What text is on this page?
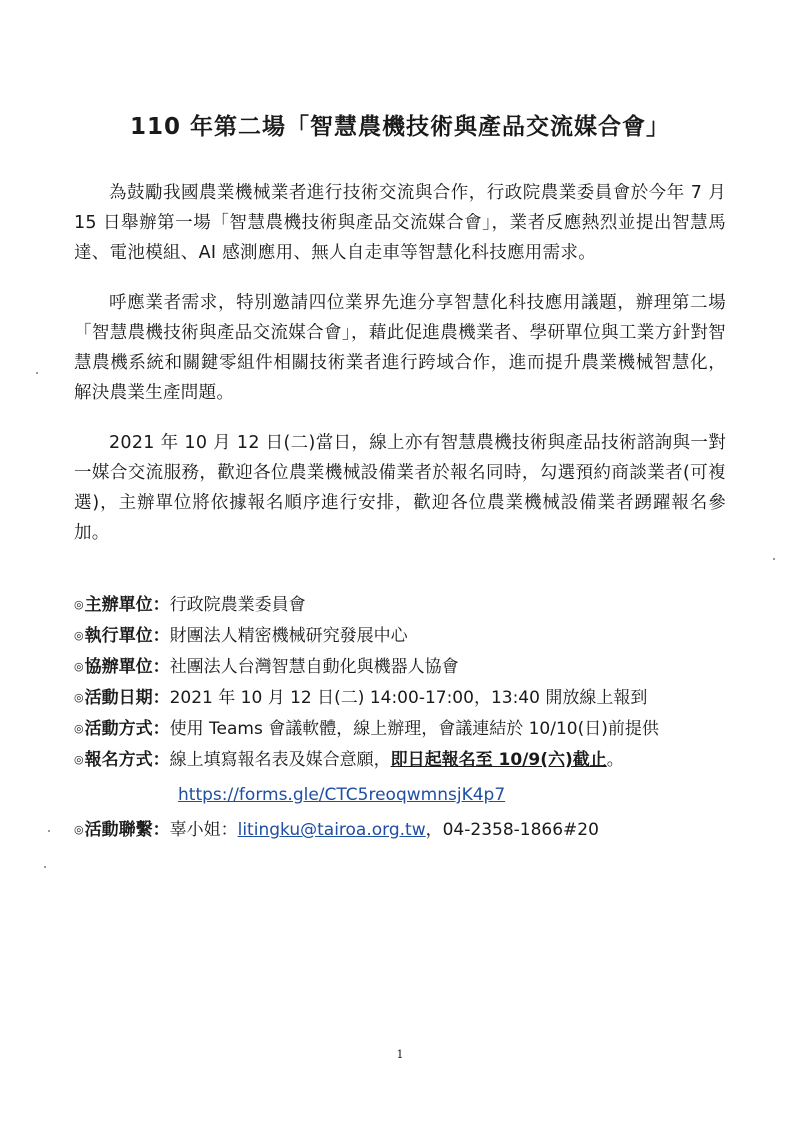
110 年第二場「智慧農機技術與產品交流媒合會」

為鼓勵我國農業機械業者進行技術交流與合作，行政院農業委員會於今年 7 月 15 日舉辦第一場「智慧農機技術與產品交流媒合會」，業者反應熱烈並提出智慧馬達、電池模組、AI 感測應用、無人自走車等智慧化科技應用需求。

呼應業者需求，特別邀請四位業界先進分享智慧化科技應用議題，辦理第二場「智慧農機技術與產品交流媒合會」，藉此促進農機業者、學研單位與工業方針對智慧農機系統和關鍵零組件相關技術業者進行跨域合作，進而提升農業機械智慧化，解決農業生產問題。

2021 年 10 月 12 日(二)當日，線上亦有智慧農機技術與產品技術諮詢與一對一媒合交流服務，歡迎各位農業機械設備業者於報名同時，勾選預約商談業者(可複選)，主辦單位將依據報名順序進行安排，歡迎各位農業機械設備業者踴躍報名參加。

◎主辦單位：行政院農業委員會
◎執行單位：財團法人精密機械研究發展中心
◎協辦單位：社團法人台灣智慧自動化與機器人協會
◎活動日期：2021 年 10 月 12 日(二) 14:00-17:00，13:40 開放線上報到
◎活動方式：使用 Teams 會議軟體，線上辦理，會議連結於 10/10(日)前提供
◎報名方式：線上填寫報名表及媒合意願，即日起報名至 10/9(六)截止。
https://forms.gle/CTC5reoqwmnsjK4p7
◎活動聯繫：辜小姐：litingku@tairoa.org.tw，04-2358-1866#20
1
